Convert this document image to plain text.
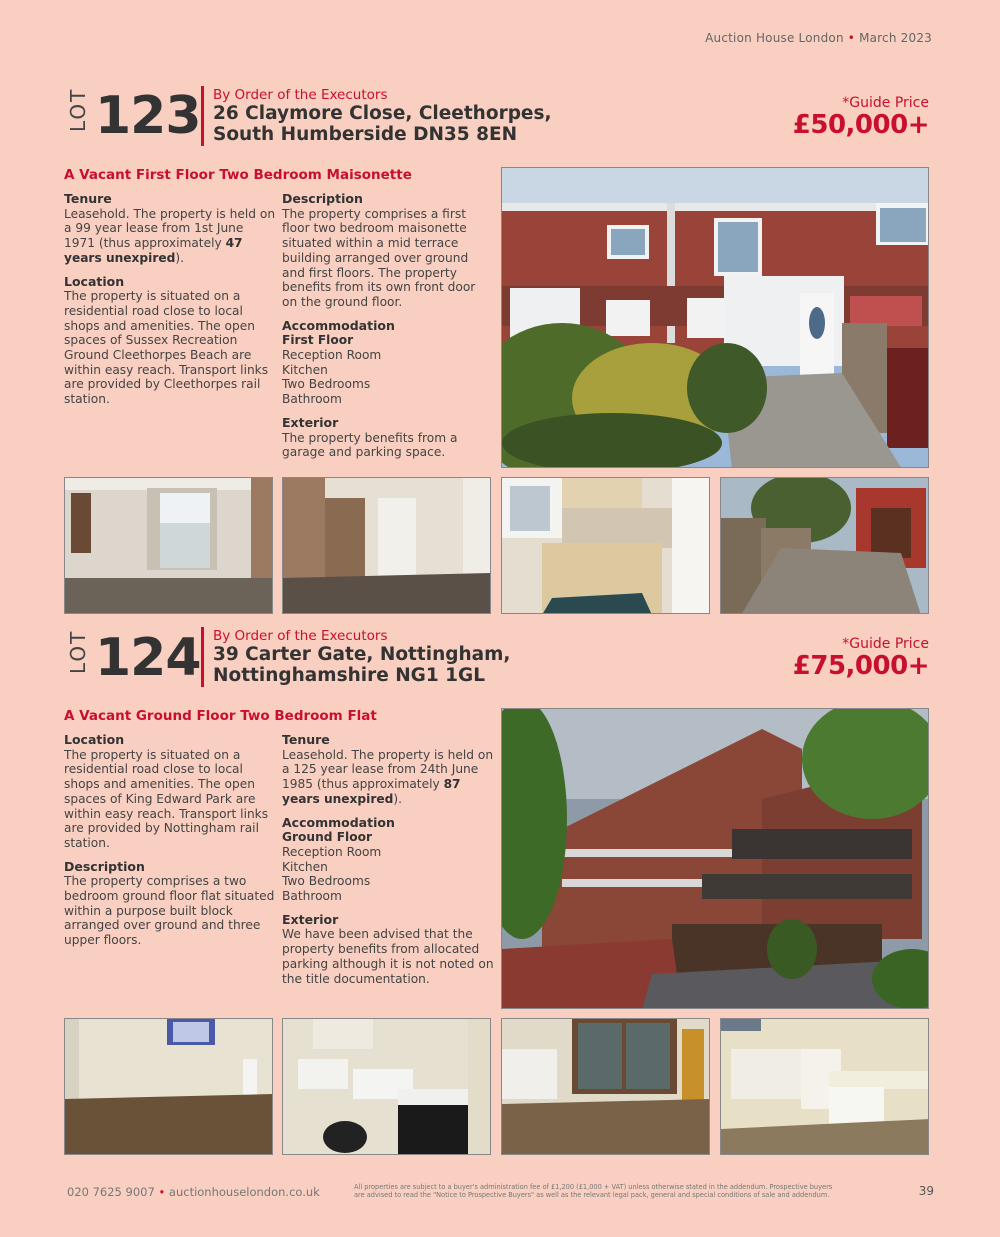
Auction House London • March 2023
LOT 123 By Order of the Executors
26 Claymore Close, Cleethorpes,
South Humberside DN35 8EN
*Guide Price
£50,000+
A Vacant First Floor Two Bedroom Maisonette
Tenure

Leasehold. The property is held on a 99 year lease from 1st June 1971 (thus approximately 47 years unexpired).

Location

The property is situated on a residential road close to local shops and amenities. The open spaces of Sussex Recreation Ground Cleethorpes Beach are within easy reach. Transport links are provided by Cleethorpes rail station.

Description

The property comprises a first floor two bedroom maisonette situated within a mid terrace building arranged over ground and first floors. The property benefits from its own front door on the ground floor.

Accommodation

First Floor
Reception Room
Kitchen
Two Bedrooms
Bathroom

Exterior

The property benefits from a garage and parking space.

LOT 124 By Order of the Executors
39 Carter Gate, Nottingham,
Nottinghamshire NG1 1GL
*Guide Price
£75,000+
A Vacant Ground Floor Two Bedroom Flat
Location

The property is situated on a residential road close to local shops and amenities. The open spaces of King Edward Park are within easy reach. Transport links are provided by Nottingham rail station.

Description

The property comprises a two bedroom ground floor flat situated within a purpose built block arranged over ground and three upper floors.

Tenure

Leasehold. The property is held on a 125 year lease from 24th June 1985 (thus approximately 87 years unexpired).

Accommodation

Ground Floor
Reception Room
Kitchen
Two Bedrooms
Bathroom

Exterior

We have been advised that the property benefits from allocated parking although it is not noted on the title documentation.

020 7625 9007 • auctionhouselondon.co.uk	All properties are subject to a buyer's administration fee of £1,200 (£1,000 + VAT) unless otherwise stated in the addendum. Prospective buyers are advised to read the "Notice to Prospective Buyers" as well as the relevant legal pack, general and special conditions of sale and addendum.	39
